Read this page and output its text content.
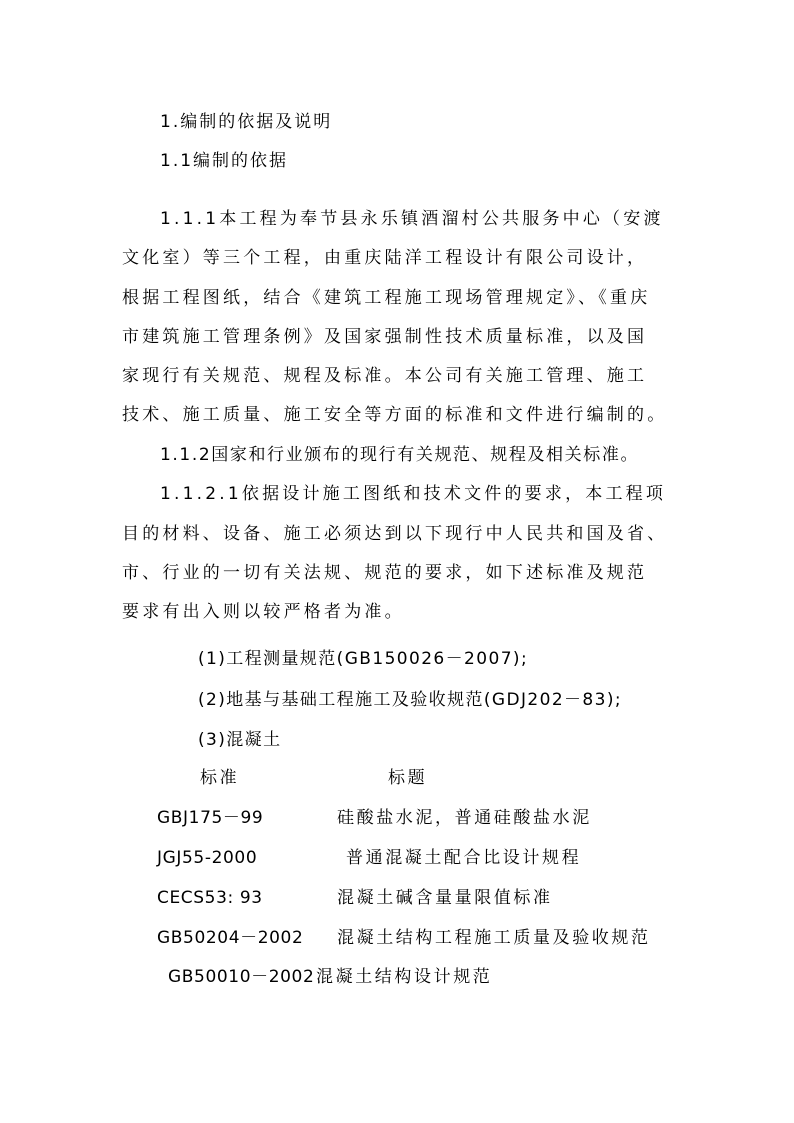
1.编制的依据及说明
1.1编制的依据
1.1.1本工程为奉节县永乐镇酒溜村公共服务中心（安渡
文化室）等三个工程，由重庆陆洋工程设计有限公司设计，
根据工程图纸，结合《建筑工程施工现场管理规定》、《重庆
市建筑施工管理条例》及国家强制性技术质量标准，以及国
家现行有关规范、规程及标准。本公司有关施工管理、施工
技术、施工质量、施工安全等方面的标准和文件进行编制的。
1.1.2国家和行业颁布的现行有关规范、规程及相关标准。
1.1.2.1依据设计施工图纸和技术文件的要求，本工程项
目的材料、设备、施工必须达到以下现行中人民共和国及省、
市、行业的一切有关法规、规范的要求，如下述标准及规范
要求有出入则以较严格者为准。
(1)工程测量规范(GB150026－2007);
(2)地基与基础工程施工及验收规范(GDJ202－83);
(3)混凝土
标准	标题
GBJ175－99	硅酸盐水泥，普通硅酸盐水泥
JGJ55-2000	普通混凝土配合比设计规程
CECS53: 93	混凝土碱含量量限值标准
GB50204－2002 混凝土结构工程施工质量及验收规范
GB50010－2002 混凝土结构设计规范
